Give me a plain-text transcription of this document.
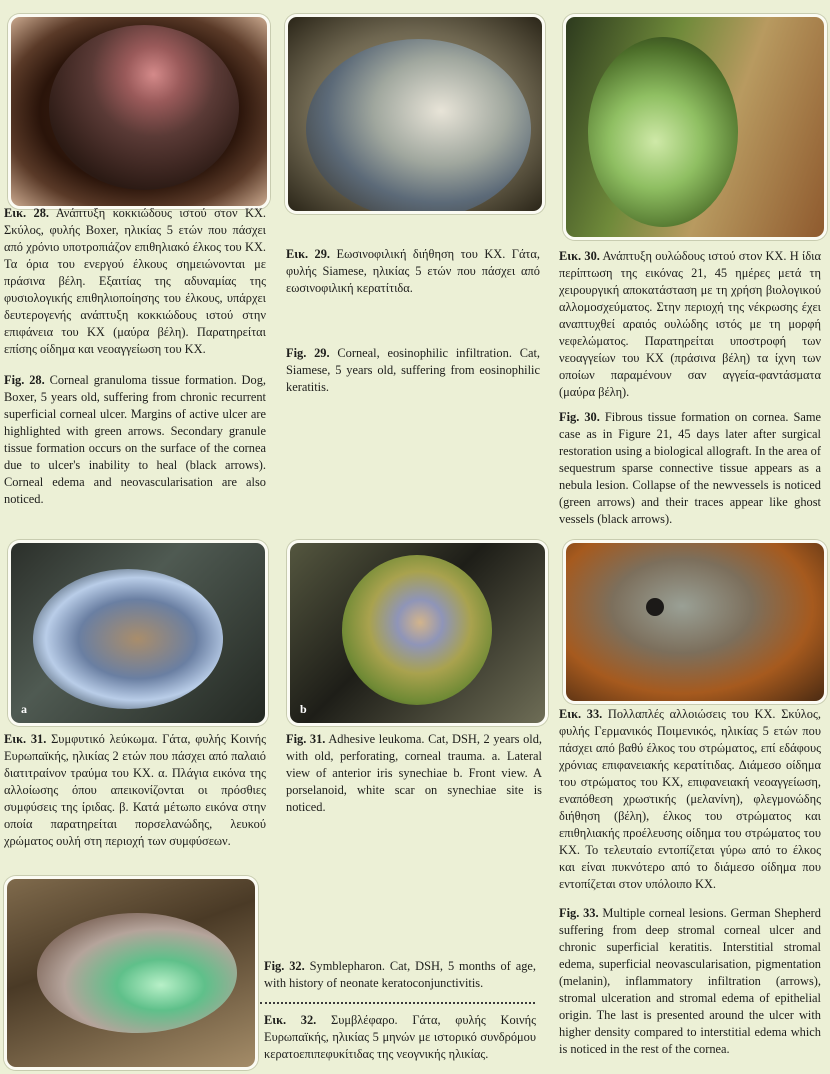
Εικ. 28. Ανάπτυξη κοκκιώδους ιστού στον ΚΧ. Σκύλος, φυλής Boxer, ηλικίας 5 ετών που πάσχει από χρόνιο υποτροπιάζον επιθηλιακό έλκος του ΚΧ. Τα όρια του ενεργού έλκους σημειώνονται με πράσινα βέλη. Εξαιτίας της αδυναμίας της φυσιολογικής επιθηλιοποίησης του έλκους, υπάρχει δευτερογενής ανάπτυξη κοκκιώδους ιστού στην επιφάνεια του ΚΧ (μαύρα βέλη). Παρατηρείται επίσης οίδημα και νεοαγγείωση του ΚΧ.

Fig. 28. Corneal granuloma tissue formation. Dog, Boxer, 5 years old, suffering from chronic recurrent superficial corneal ulcer. Margins of active ulcer are highlighted with green arrows. Secondary granule tissue formation occurs on the surface of the cornea due to ulcer's inability to heal (black arrows). Corneal edema and neovascularisation are also noticed.

Εικ. 29. Εωσινοφιλική διήθηση του ΚΧ. Γάτα, φυλής Siamese, ηλικίας 5 ετών που πάσχει από εωσινοφιλική κερατίτιδα.

Fig. 29. Corneal, eosinophilic infiltration. Cat, Siamese, 5 years old, suffering from eosinophilic keratitis.

Εικ. 30. Ανάπτυξη ουλώδους ιστού στον ΚΧ. Η ίδια περίπτωση της εικόνας 21, 45 ημέρες μετά τη χειρουργική αποκατάσταση με τη χρήση βιολογικού αλλομοσχεύματος. Στην περιοχή της νέκρωσης έχει αναπτυχθεί αραιός ουλώδης ιστός με τη μορφή νεφελώματος. Παρατηρείται υποστροφή των νεοαγγείων του ΚΧ (πράσινα βέλη) τα ίχνη των οποίων παραμένουν σαν αγγεία-φαντάσματα (μαύρα βέλη).

Fig. 30. Fibrous tissue formation on cornea. Same case as in Figure 21, 45 days later after surgical restoration using a biological allograft. In the area of sequestrum sparse connective tissue appears as a nebula lesion. Collapse of the newvessels is noticed (green arrows) and their traces appear like ghost vessels (black arrows).

a	b

Εικ. 31. Συμφυτικό λεύκωμα. Γάτα, φυλής Κοινής Ευρωπαϊκής, ηλικίας 2 ετών που πάσχει από παλαιό διατιτραίνον τραύμα του ΚΧ. α. Πλάγια εικόνα της αλλοίωσης όπου απεικονίζονται οι πρόσθιες συμφύσεις της ίριδας. β. Κατά μέτωπο εικόνα στην οποία παρατηρείται πορσελανώδης, λευκού χρώματος ουλή στη περιοχή των συμφύσεων.

Fig. 31. Adhesive leukoma. Cat, DSH, 2 years old, with old, perforating, corneal trauma. a. Lateral view of anterior iris synechiae b. Front view. A porselanoid, white scar on synechiae site is noticed.

Εικ. 33. Πολλαπλές αλλοιώσεις του ΚΧ. Σκύλος, φυλής Γερμανικός Ποιμενικός, ηλικίας 5 ετών που πάσχει από βαθύ έλκος του στρώματος, επί εδάφους χρόνιας επιφανειακής κερατίτιδας. Διάμεσο οίδημα του στρώματος του ΚΧ, επιφανειακή νεοαγγείωση, εναπόθεση χρωστικής (μελανίνη), φλεγμονώδης διήθηση (βέλη), έλκος του στρώματος και επιθηλιακής προέλευσης οίδημα του στρώματος του ΚΧ. Το τελευταίο εντοπίζεται γύρω από το έλκος και είναι πυκνότερο από το διάμεσο οίδημα που εντοπίζεται στον υπόλοιπο ΚΧ.

Fig. 33. Multiple corneal lesions. German Shepherd suffering from deep stromal corneal ulcer and chronic superficial keratitis. Interstitial stromal edema, superficial neovascularisation, pigmentation (melanin), inflammatory infiltration (arrows), stromal ulceration and stromal edema of epithelial origin. The last is presented around the ulcer with higher density compared to interstitial edema which is noticed in the rest of the cornea.

Fig. 32. Symblepharon. Cat, DSH, 5 months of age, with history of neonate keratoconjunctivitis.

Εικ. 32. Συμβλέφαρο. Γάτα, φυλής Κοινής Ευρωπαϊκής, ηλικίας 5 μηνών με ιστορικό συνδρόμου κερατοεπιπεφυκίτιδας της νεογνικής ηλικίας.
